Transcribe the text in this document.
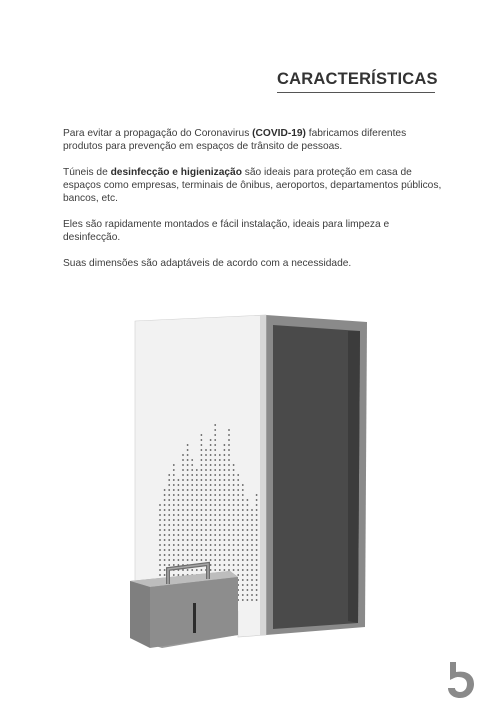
CARACTERÍSTICAS

Para evitar a propagação do Coronavirus (COVID-19) fabricamos diferentes produtos para prevenção em espaços de trânsito de pessoas.

Túneis de desinfecção e higienização são ideais para proteção em casa de espaços como empresas, terminais de ônibus, aeroportos, departamentos públicos, bancos, etc.

Eles são rapidamente montados e fácil instalação, ideais para limpeza e desinfecção.

Suas dimensões são adaptáveis de acordo com a necessidade.
